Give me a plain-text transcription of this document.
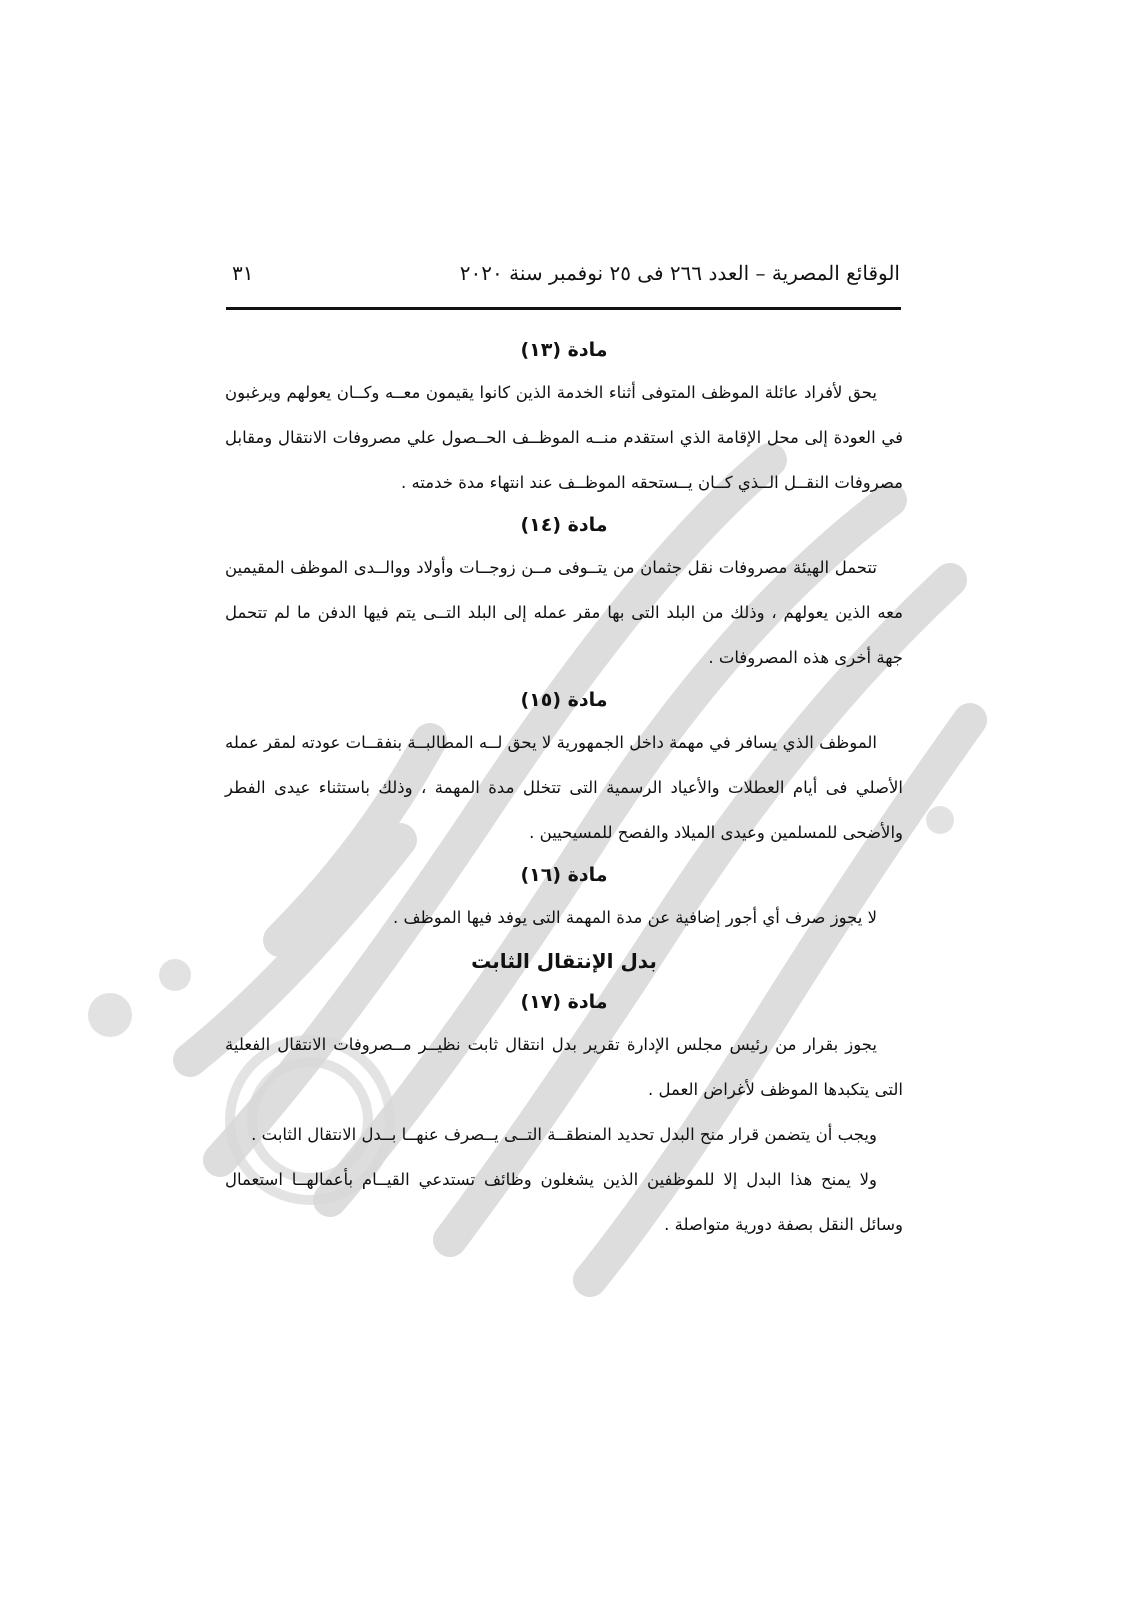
الوقائع المصرية – العدد ٢٦٦ فى ٢٥ نوفمبر سنة ٢٠٢٠
٣١
مادة (١٣)

يحق لأفراد عائلة الموظف المتوفى أثناء الخدمة الذين كانوا يقيمون معــه وكــان يعولهم ويرغبون في العودة إلى محل الإقامة الذي استقدم منــه الموظــف الحــصول علي مصروفات الانتقال ومقابل مصروفات النقــل الــذي كــان يــستحقه الموظــف عند انتهاء مدة خدمته .

مادة (١٤)

تتحمل الهيئة مصروفات نقل جثمان من يتــوفى مــن زوجــات وأولاد ووالــدى الموظف المقيمين معه الذين يعولهم ، وذلك من البلد التى بها مقر عمله إلى البلد التــى يتم فيها الدفن ما لم تتحمل جهة أخرى هذه المصروفات .

مادة (١٥)

الموظف الذي يسافر في مهمة داخل الجمهورية لا يحق لــه المطالبــة بنفقــات عودته لمقر عمله الأصلي فى أيام العطلات والأعياد الرسمية التى تتخلل مدة المهمة ، وذلك باستثناء عيدى الفطر والأضحى للمسلمين وعيدى الميلاد والفصح للمسيحيين .

مادة (١٦)

لا يجوز صرف أي أجور إضافية عن مدة المهمة التى يوفد فيها الموظف .

بدل الإنتقال الثابت
مادة (١٧)

يجوز بقرار من رئيس مجلس الإدارة تقرير بدل انتقال ثابت نظيــر مــصروفات الانتقال الفعلية التى يتكبدها الموظف لأغراض العمل .

ويجب أن يتضمن قرار منح البدل تحديد المنطقــة التــى يــصرف عنهــا بــدل الانتقال الثابت .

ولا يمنح هذا البدل إلا للموظفين الذين يشغلون وظائف تستدعي القيــام بأعمالهــا استعمال وسائل النقل بصفة دورية متواصلة .
